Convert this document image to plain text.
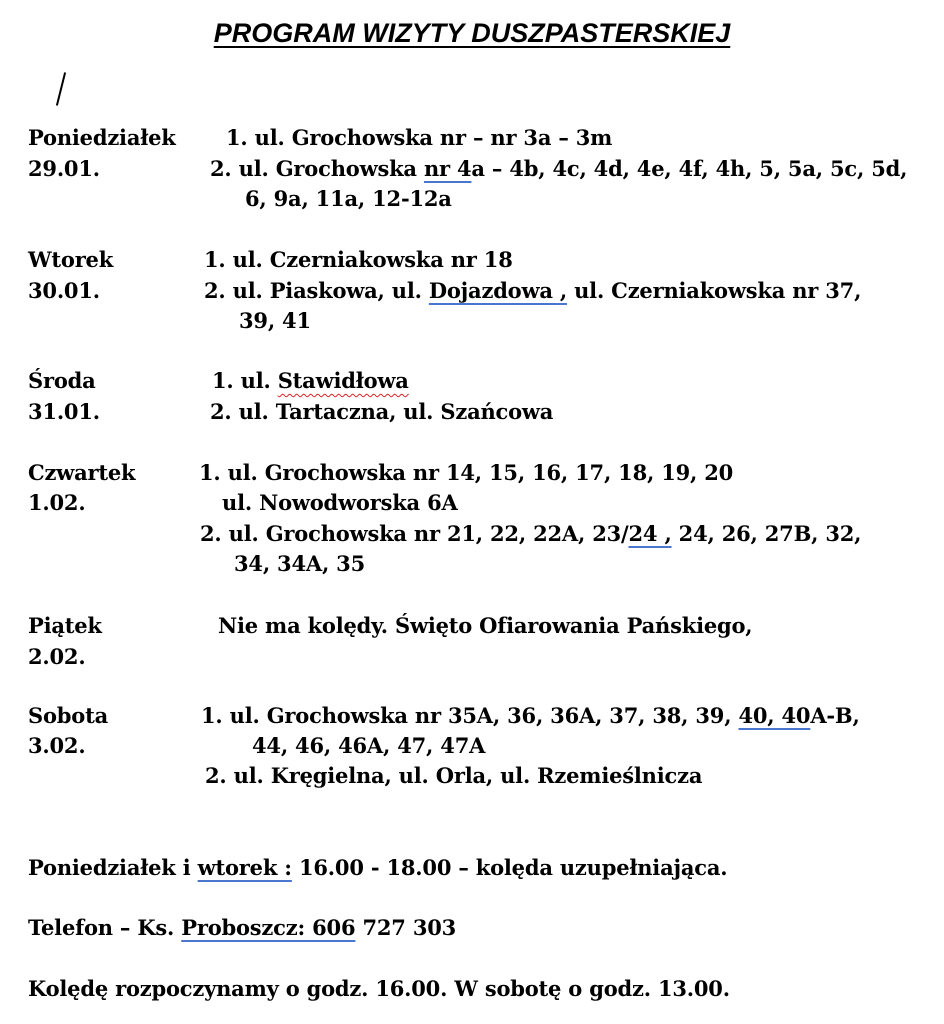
PROGRAM WIZYTY DUSZPASTERSKIEJ
Poniedziałek
29.01.
1. ul. Grochowska nr – nr 3a – 3m
2. ul. Grochowska nr 4a – 4b, 4c, 4d, 4e, 4f, 4h, 5, 5a, 5c, 5d,
6, 9a, 11a, 12-12a
Wtorek
30.01.
1. ul. Czerniakowska nr 18
2. ul. Piaskowa, ul. Dojazdowa , ul. Czerniakowska nr 37,
39, 41
Środa
31.01.
1. ul. Stawidłowa
2. ul. Tartaczna, ul. Szańcowa
Czwartek
1.02.
1. ul. Grochowska nr 14, 15, 16, 17, 18, 19, 20
ul. Nowodworska 6A
2. ul. Grochowska nr 21, 22, 22A, 23/24 , 24, 26, 27B, 32,
34, 34A, 35
Piątek
2.02.
Nie ma kolędy. Święto Ofiarowania Pańskiego,
Sobota
3.02.
1. ul. Grochowska nr 35A, 36, 36A, 37, 38, 39, 40, 40A-B,
44, 46, 46A, 47, 47A
2. ul. Kręgielna, ul. Orla, ul. Rzemieślnicza
Poniedziałek i wtorek : 16.00 - 18.00 – kolęda uzupełniająca.
Telefon – Ks. Proboszcz: 606 727 303
Kolędę rozpoczynamy o godz. 16.00. W sobotę o godz. 13.00.
